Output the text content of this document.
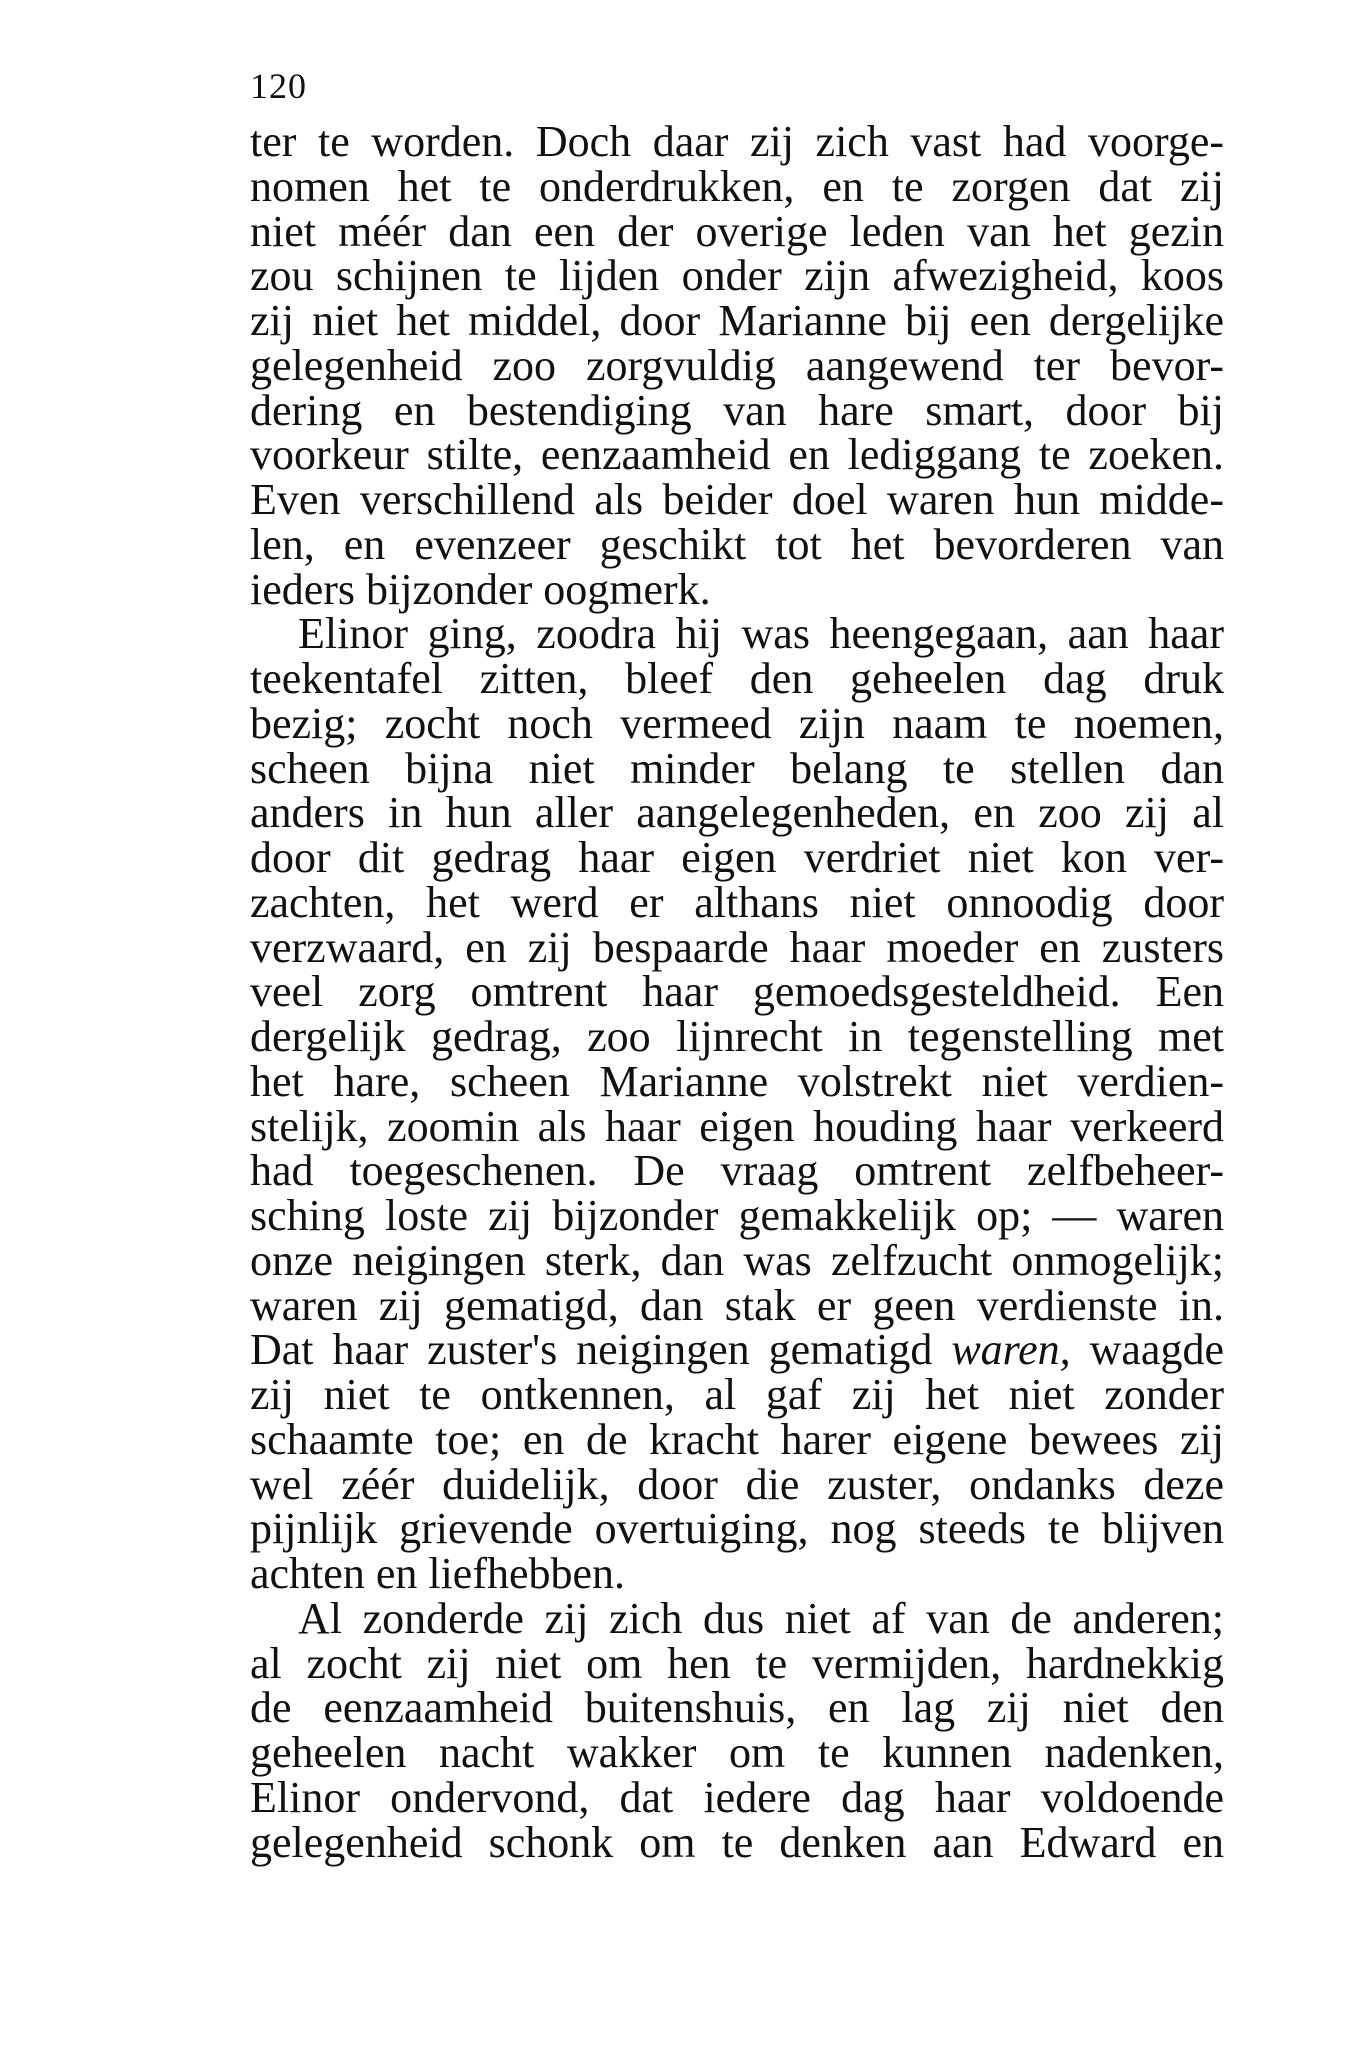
120
ter te worden. Doch daar zij zich vast had voorge-
nomen het te onderdrukken, en te zorgen dat zij
niet méér dan een der overige leden van het gezin
zou schijnen te lijden onder zijn afwezigheid, koos
zij niet het middel, door Marianne bij een dergelijke
gelegenheid zoo zorgvuldig aangewend ter bevor-
dering en bestendiging van hare smart, door bij
voorkeur stilte, eenzaamheid en lediggang te zoeken.
Even verschillend als beider doel waren hun midde-
len, en evenzeer geschikt tot het bevorderen van
ieders bijzonder oogmerk.
Elinor ging, zoodra hij was heengegaan, aan haar
teekentafel zitten, bleef den geheelen dag druk
bezig; zocht noch vermeed zijn naam te noemen,
scheen bijna niet minder belang te stellen dan
anders in hun aller aangelegenheden, en zoo zij al
door dit gedrag haar eigen verdriet niet kon ver-
zachten, het werd er althans niet onnoodig door
verzwaard, en zij bespaarde haar moeder en zusters
veel zorg omtrent haar gemoedsgesteldheid. Een
dergelijk gedrag, zoo lijnrecht in tegenstelling met
het hare, scheen Marianne volstrekt niet verdien-
stelijk, zoomin als haar eigen houding haar verkeerd
had toegeschenen. De vraag omtrent zelfbeheer-
sching loste zij bijzonder gemakkelijk op; — waren
onze neigingen sterk, dan was zelfzucht onmogelijk;
waren zij gematigd, dan stak er geen verdienste in.
Dat haar zuster's neigingen gematigd waren, waagde
zij niet te ontkennen, al gaf zij het niet zonder
schaamte toe; en de kracht harer eigene bewees zij
wel zéér duidelijk, door die zuster, ondanks deze
pijnlijk grievende overtuiging, nog steeds te blijven
achten en liefhebben.
Al zonderde zij zich dus niet af van de anderen;
al zocht zij niet om hen te vermijden, hardnekkig
de eenzaamheid buitenshuis, en lag zij niet den
geheelen nacht wakker om te kunnen nadenken,
Elinor ondervond, dat iedere dag haar voldoende
gelegenheid schonk om te denken aan Edward en
